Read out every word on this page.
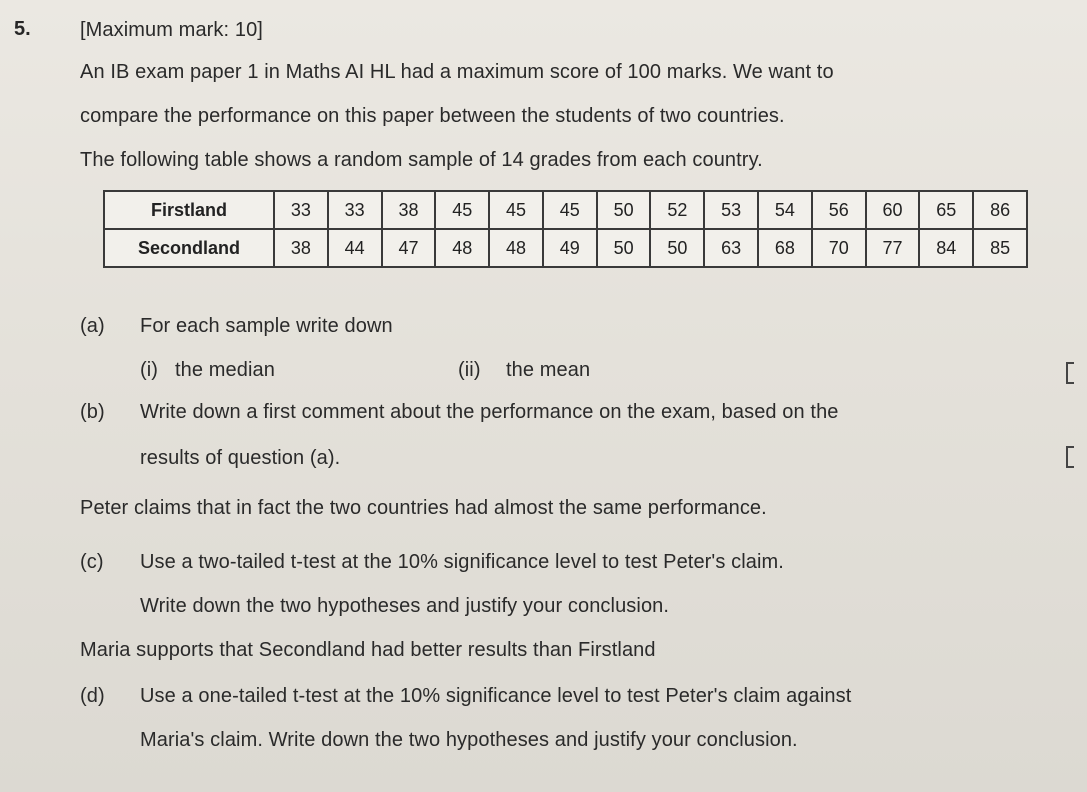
5. [Maximum mark: 10]
An IB exam paper 1 in Maths AI HL had a maximum score of 100 marks. We want to
compare the performance on this paper between the students of two countries.
The following table shows a random sample of 14 grades from each country.
Firstland	33	33	38	45	45	45	50	52	53	54	56	60	65	86
Secondland	38	44	47	48	48	49	50	50	63	68	70	77	84	85
(a) For each sample write down
(i) the median	(ii) the mean
(b) Write down a first comment about the performance on the exam, based on the
results of question (a).
Peter claims that in fact the two countries had almost the same performance.
(c) Use a two-tailed t-test at the 10% significance level to test Peter's claim.
Write down the two hypotheses and justify your conclusion.
Maria supports that Secondland had better results than Firstland
(d) Use a one-tailed t-test at the 10% significance level to test Peter's claim against
Maria's claim. Write down the two hypotheses and justify your conclusion.
